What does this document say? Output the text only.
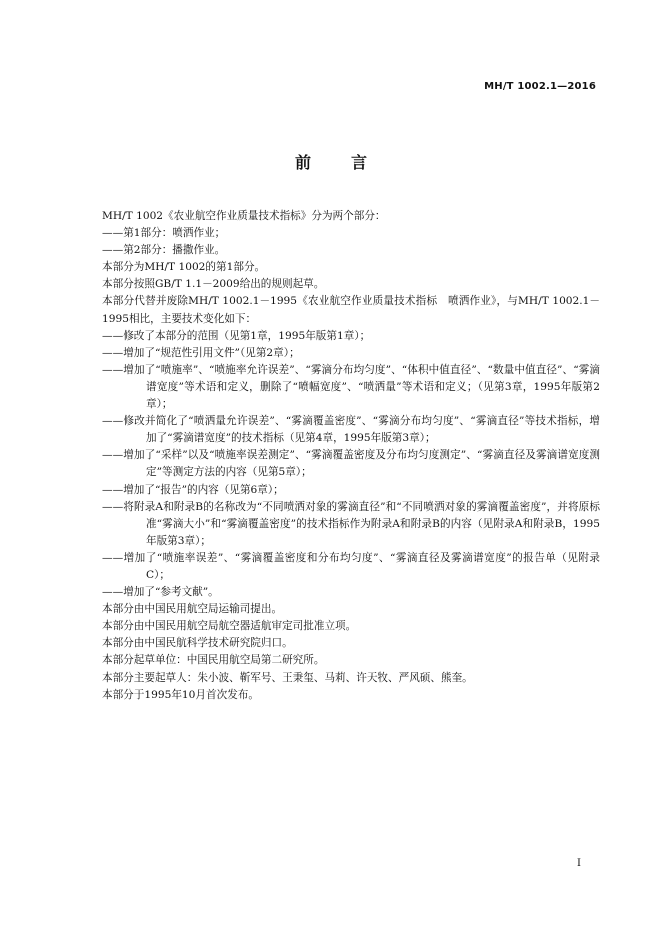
MH/T 1002.1—2016
前	言

MH/T 1002《农业航空作业质量技术指标》分为两个部分：

——第1部分：喷洒作业；

——第2部分：播撒作业。

本部分为MH/T 1002的第1部分。

本部分按照GB/T 1.1－2009给出的规则起草。

本部分代替并废除MH/T 1002.1－1995《农业航空作业质量技术指标　喷洒作业》，与MH/T 1002.1－1995相比，主要技术变化如下：

——修改了本部分的范围（见第1章，1995年版第1章）；

——增加了“规范性引用文件”（见第2章）；

——增加了“喷施率”、“喷施率允许误差”、“雾滴分布均匀度”、“体积中值直径”、“数量中值直径”、“雾滴谱宽度”等术语和定义，删除了“喷幅宽度”、“喷洒量”等术语和定义；（见第3章，1995年版第2章）；

——修改并简化了“喷洒量允许误差”、“雾滴覆盖密度”、“雾滴分布均匀度”、“雾滴直径”等技术指标，增加了“雾滴谱宽度”的技术指标（见第4章，1995年版第3章）；

——增加了“采样”以及“喷施率误差测定”、“雾滴覆盖密度及分布均匀度测定”、“雾滴直径及雾滴谱宽度测定”等测定方法的内容（见第5章）；

——增加了“报告”的内容（见第6章）；

——将附录A和附录B的名称改为“不同喷洒对象的雾滴直径”和“不同喷洒对象的雾滴覆盖密度”，并将原标准“雾滴大小”和“雾滴覆盖密度”的技术指标作为附录A和附录B的内容（见附录A和附录B，1995年版第3章）；

——增加了“喷施率误差”、“雾滴覆盖密度和分布均匀度”、“雾滴直径及雾滴谱宽度”的报告单（见附录C）；

——增加了“参考文献”。

本部分由中国民用航空局运输司提出。

本部分由中国民用航空局航空器适航审定司批准立项。

本部分由中国民航科学技术研究院归口。

本部分起草单位：中国民用航空局第二研究所。

本部分主要起草人：朱小波、靳军号、王秉玺、马莉、许天牧、严风硕、熊奎。

本部分于1995年10月首次发布。

I
